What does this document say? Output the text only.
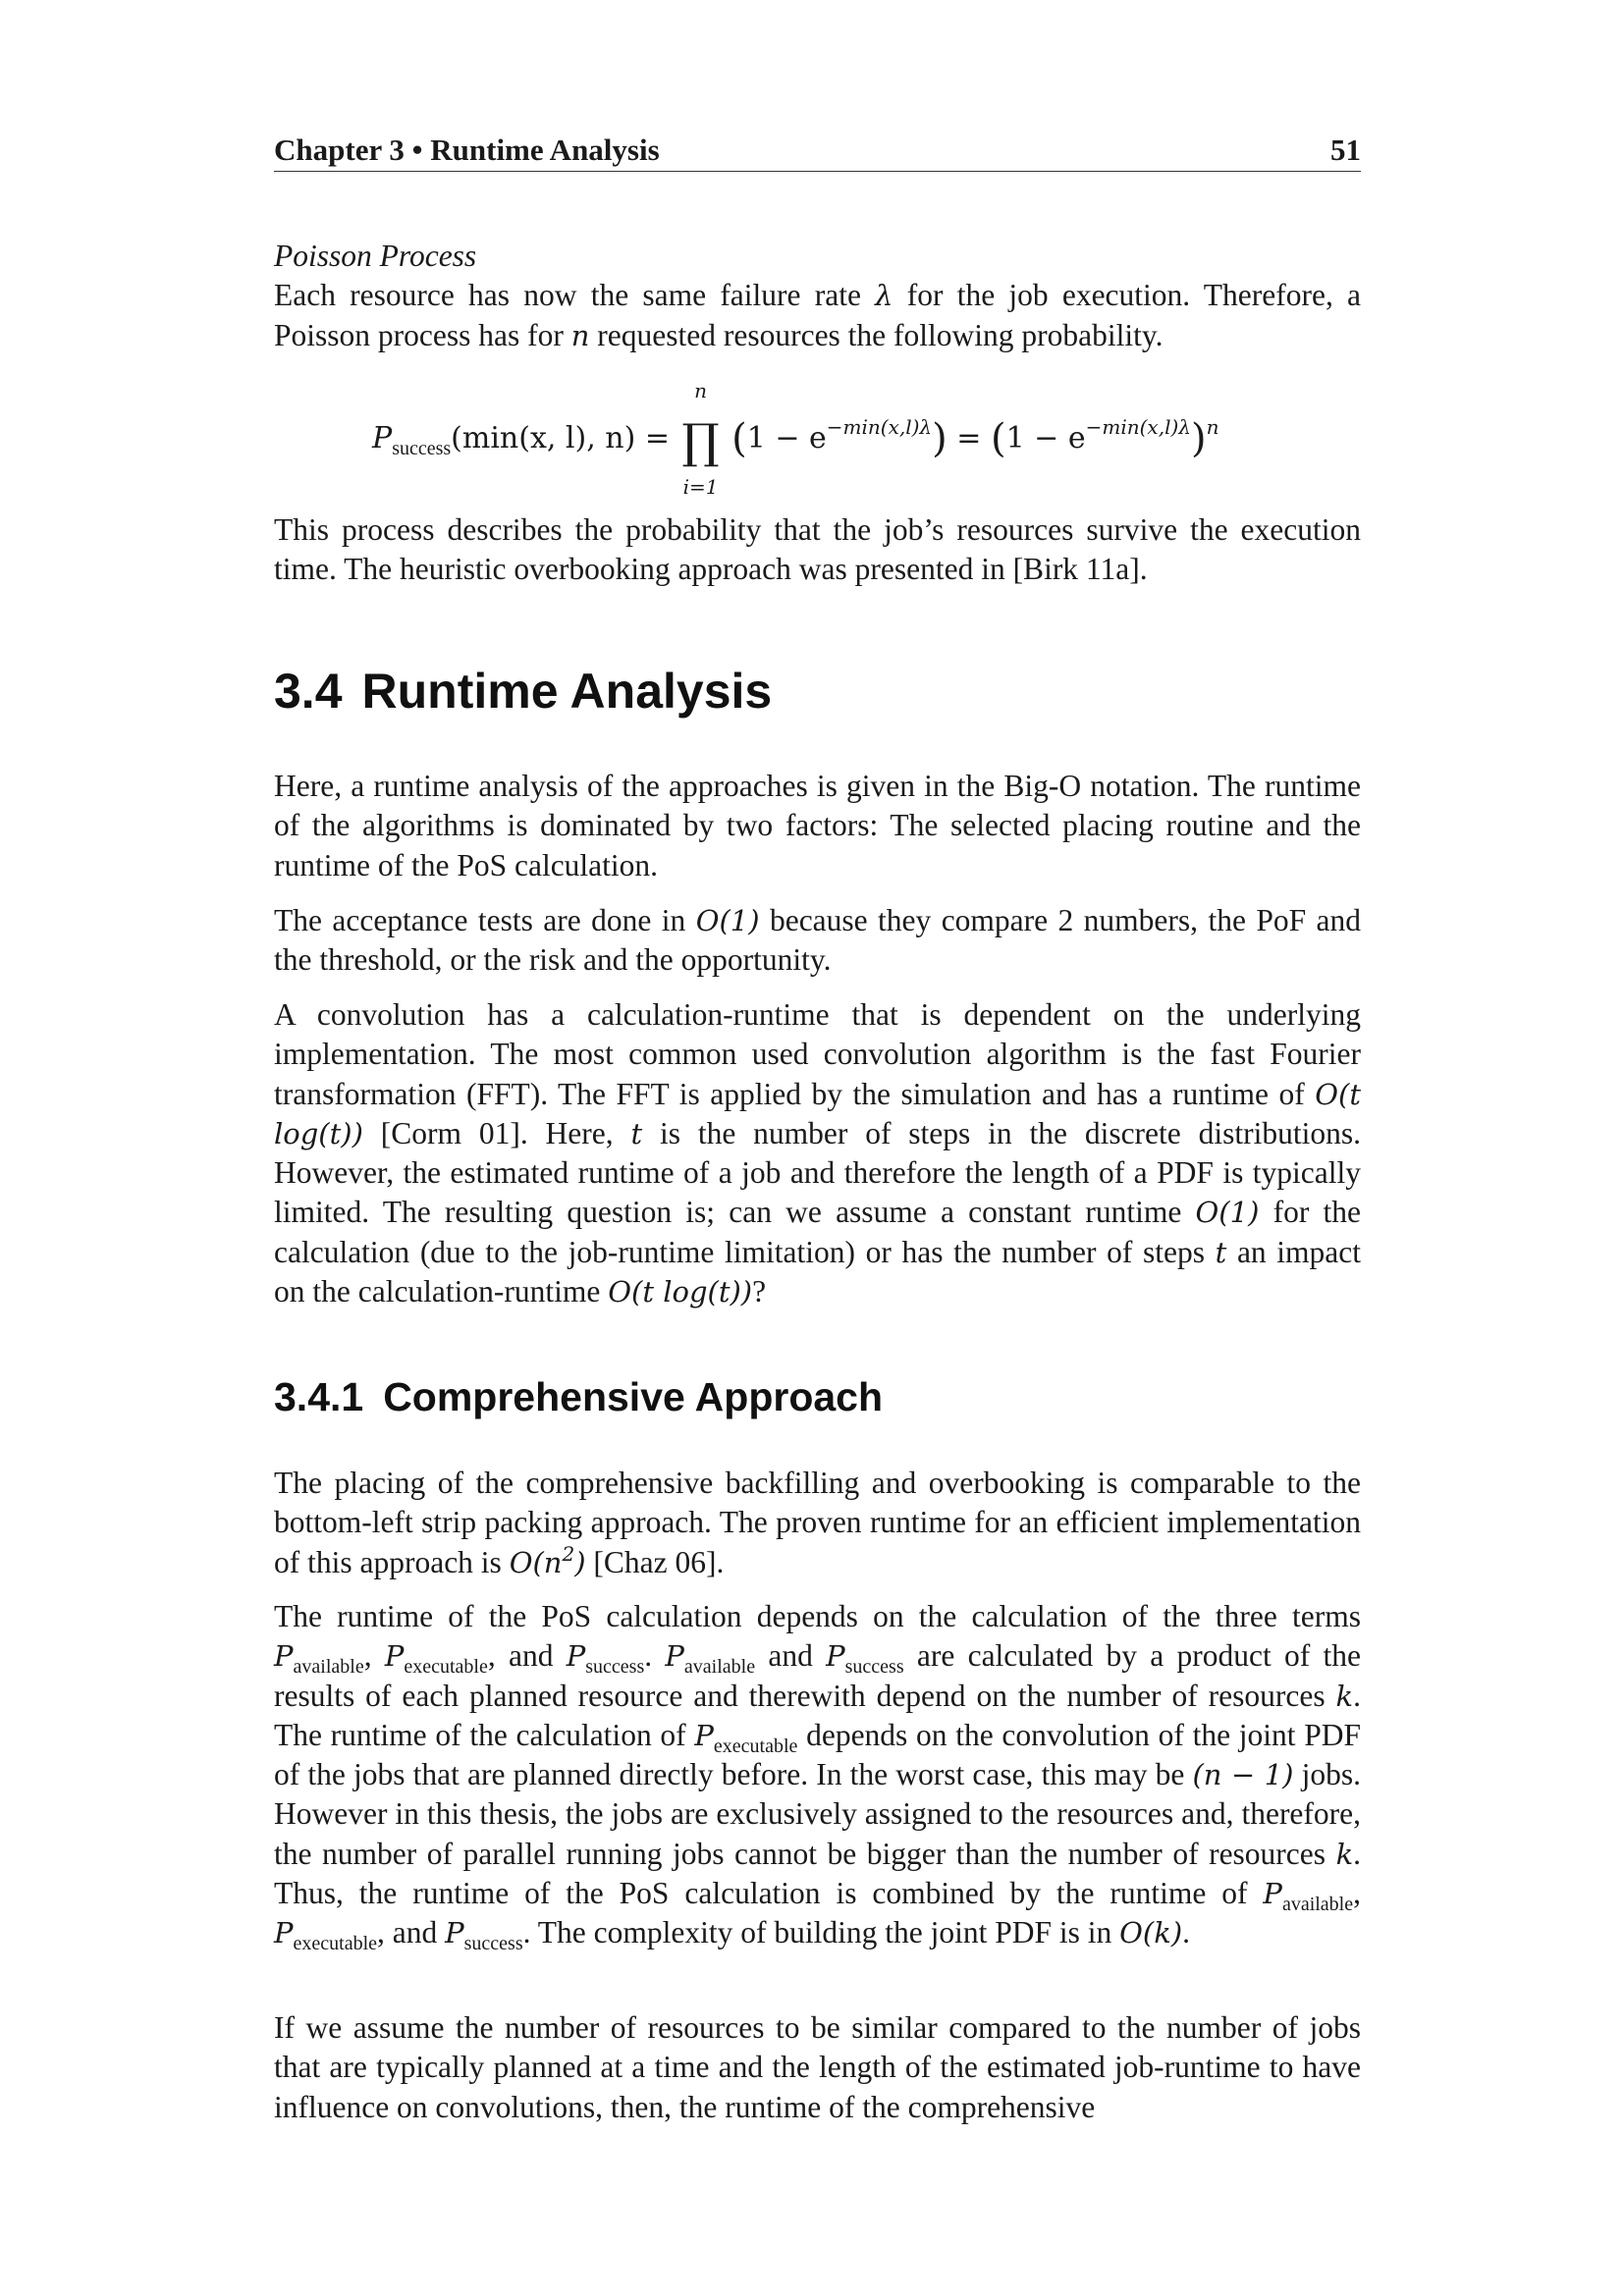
Chapter 3 • Runtime Analysis	51
Poisson Process

Each resource has now the same failure rate λ for the job execution. Therefore, a Poisson process has for n requested resources the following probability.

$P_{success}(\min(x$, l), n) = ∏
n
i=1
$(1 - e^{-min(x,l)\lambda}) = (1 - e^{-min(x,l)\lambda})^n$

This process describes the probability that the job’s resources survive the execution time. The heuristic overbooking approach was presented in [Birk 11a].

3.4 Runtime Analysis

Here, a runtime analysis of the approaches is given in the Big-O notation. The runtime of the algorithms is dominated by two factors: The selected placing routine and the runtime of the PoS calculation.

The acceptance tests are done in O(1) because they compare 2 numbers, the PoF and the threshold, or the risk and the opportunity.

A convolution has a calculation-runtime that is dependent on the underlying implementation. The most common used convolution algorithm is the fast Fourier transformation (FFT). The FFT is applied by the simulation and has a runtime of O(t log(t)) [Corm 01]. Here, t is the number of steps in the discrete distributions. However, the estimated runtime of a job and therefore the length of a PDF is typically limited. The resulting question is; can we assume a constant runtime O(1) for the calculation (due to the job-runtime limitation) or has the number of steps t an impact on the calculation-runtime O(t log(t))?

3.4.1 Comprehensive Approach

The placing of the comprehensive backfilling and overbooking is comparable to the bottom-left strip packing approach. The proven runtime for an efficient implementation of this approach is $O(n^2)$ [Chaz 06].

The runtime of the PoS calculation depends on the calculation of the three terms $P_{available}$, $P_{executable}$, and $P_{success}$. $P_{available}$ and $P_{success}$ are calculated by a product of the results of each planned resource and therewith depend on the number of resources k. The runtime of the calculation of $P_{executable}$ depends on the convolution of the joint PDF of the jobs that are planned directly before. In the worst case, this may be (n − 1) jobs. However in this thesis, the jobs are exclusively assigned to the resources and, therefore, the number of parallel running jobs cannot be bigger than the number of resources k. Thus, the runtime of the PoS calculation is combined by the runtime of $P_{available}$, $P_{executable}$, and $P_{success}$. The complexity of building the joint PDF is in O(k).

If we assume the number of resources to be similar compared to the number of jobs that are typically planned at a time and the length of the estimated job-runtime to have influence on convolutions, then, the runtime of the comprehensive
